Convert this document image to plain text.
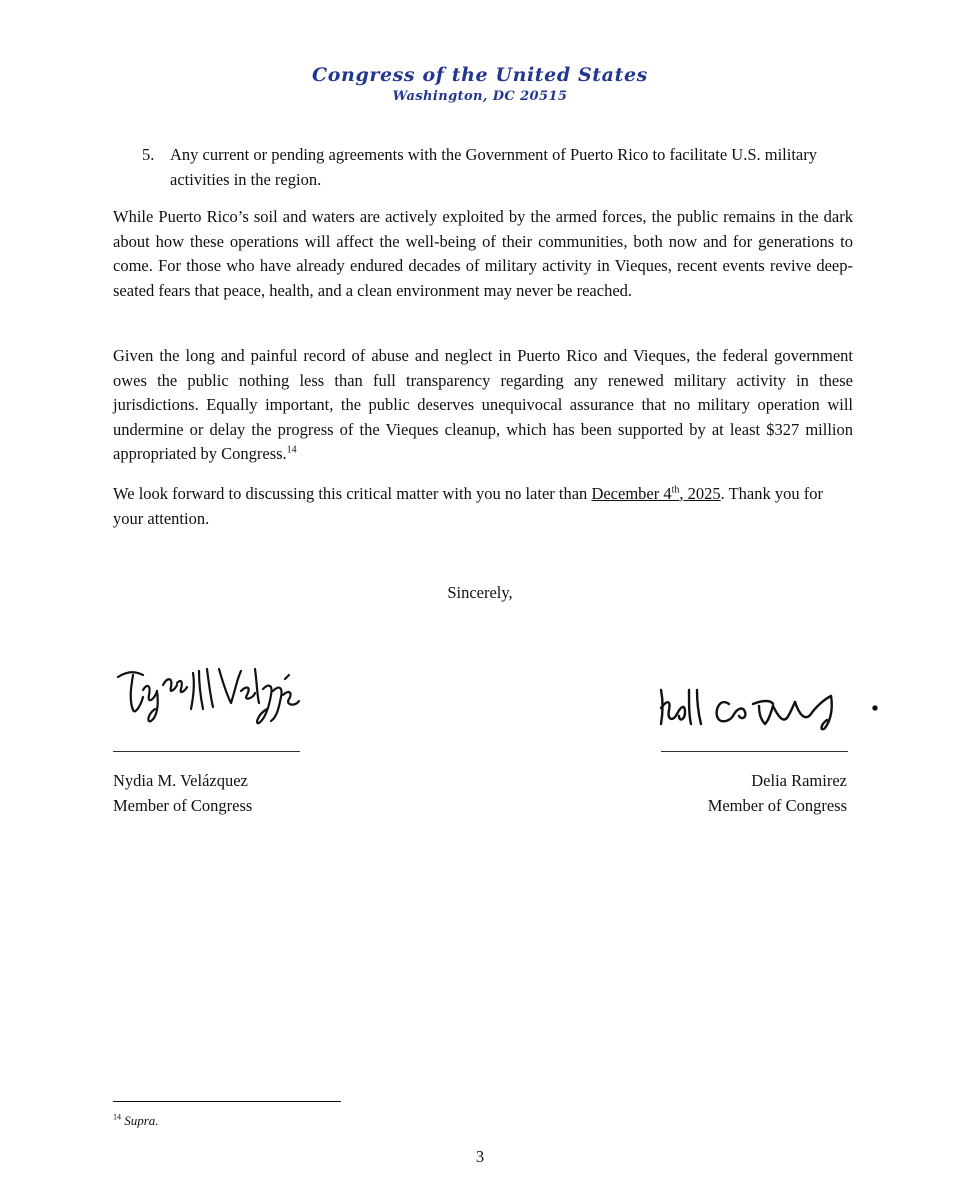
Congress of the United States
Washington, DC 20515
5. Any current or pending agreements with the Government of Puerto Rico to facilitate U.S. military activities in the region.

While Puerto Rico’s soil and waters are actively exploited by the armed forces, the public remains in the dark about how these operations will affect the well-being of their communities, both now and for generations to come. For those who have already endured decades of military activity in Vieques, recent events revive deep-seated fears that peace, health, and a clean environment may never be reached.

Given the long and painful record of abuse and neglect in Puerto Rico and Vieques, the federal government owes the public nothing less than full transparency regarding any renewed military activity in these jurisdictions. Equally important, the public deserves unequivocal assurance that no military operation will undermine or delay the progress of the Vieques cleanup, which has been supported by at least $327 million appropriated by Congress.$^{14}$

We look forward to discussing this critical matter with you no later than December 4th, 2025. Thank you for your attention.

Sincerely,
Nydia M. Velázquez
Member of Congress
Delia Ramirez
Member of Congress
$^{14}$ Supra.
3
